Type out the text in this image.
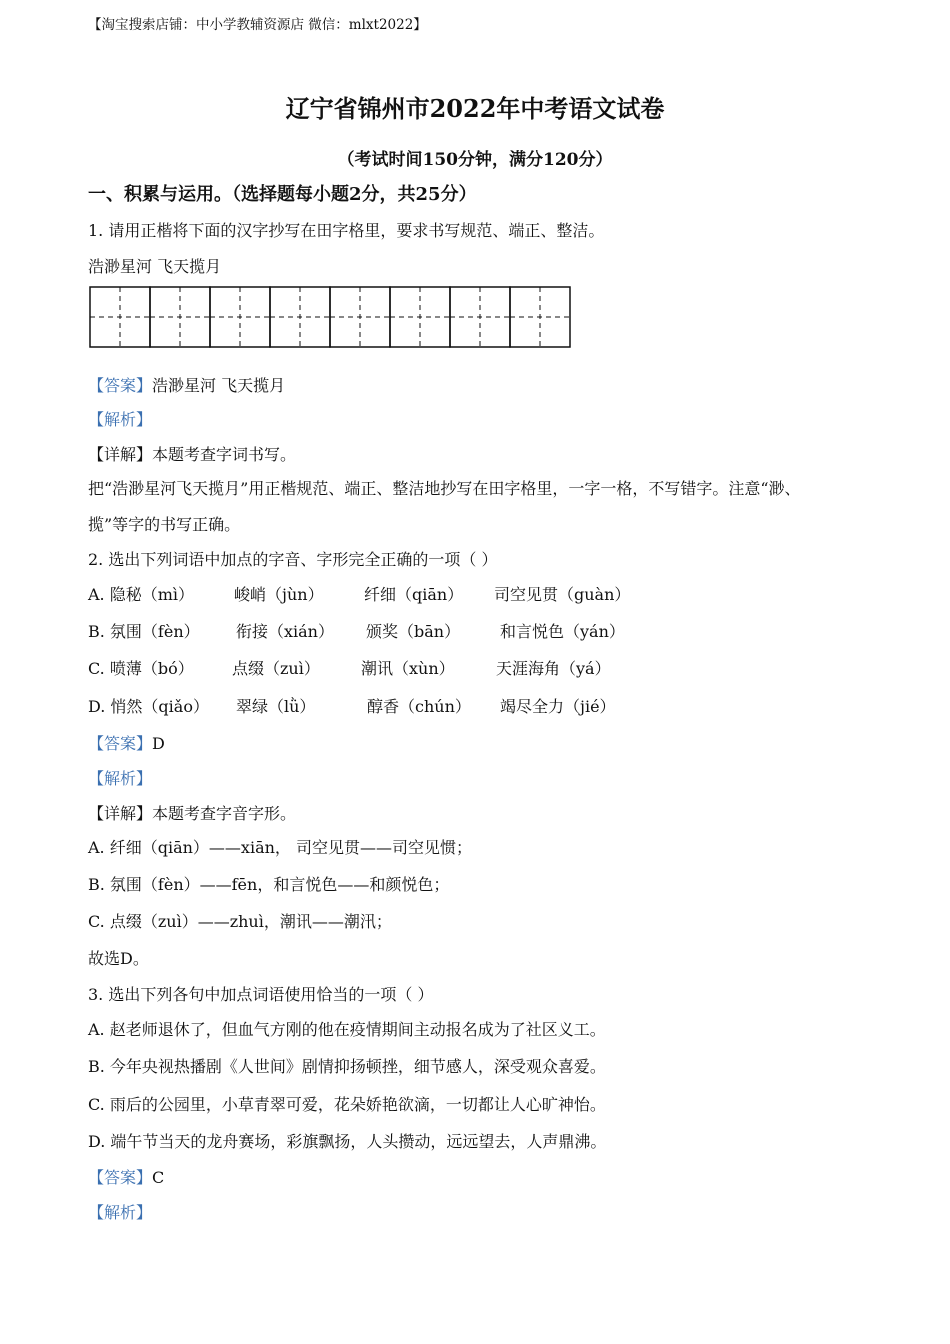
【淘宝搜索店铺：中小学教辅资源店 微信：mlxt2022】
辽宁省锦州市2022年中考语文试卷
（考试时间150分钟，满分120分）
一、积累与运用。（选择题每小题2分，共25分）
1. 请用正楷将下面的汉字抄写在田字格里，要求书写规范、端正、整洁。
浩渺星河 飞天揽月
【答案】浩渺星河 飞天揽月
【解析】
【详解】本题考查字词书写。
把“浩渺星河飞天揽月”用正楷规范、端正、整洁地抄写在田字格里，一字一格，不写错字。注意“渺、
揽”等字的书写正确。
2. 选出下列词语中加点的字音、字形完全正确的一项（ ）
A. 隐秘（mì） 峻峭（jùn）	纤细（qiān） 司空见贯（guàn）
B. 氛围（fèn） 衔接（xián） 颁奖（bān） 和言悦色（yán）
C. 喷薄（bó） 点缀（zuì）	潮讯（xùn）	天涯海角（yá）
D. 悄然（qiǎo） 翠绿（lǜ）	醇香（chún） 竭尽全力（jié）
【答案】D
【解析】
【详解】本题考查字音字形。
A. 纤细（qiān）——xiān， 司空见贯——司空见惯；
B. 氛围（fèn）——fēn，和言悦色——和颜悦色；
C. 点缀（zuì）——zhuì，潮讯——潮汛；
故选D。
3. 选出下列各句中加点词语使用恰当的一项（ ）
A. 赵老师退休了，但血气方刚的他在疫情期间主动报名成为了社区义工。
B. 今年央视热播剧《人世间》剧情抑扬顿挫，细节感人，深受观众喜爱。
C. 雨后的公园里，小草青翠可爱，花朵娇艳欲滴，一切都让人心旷神怡。
D. 端午节当天的龙舟赛场，彩旗飘扬，人头攒动，远远望去，人声鼎沸。
【答案】C
【解析】
